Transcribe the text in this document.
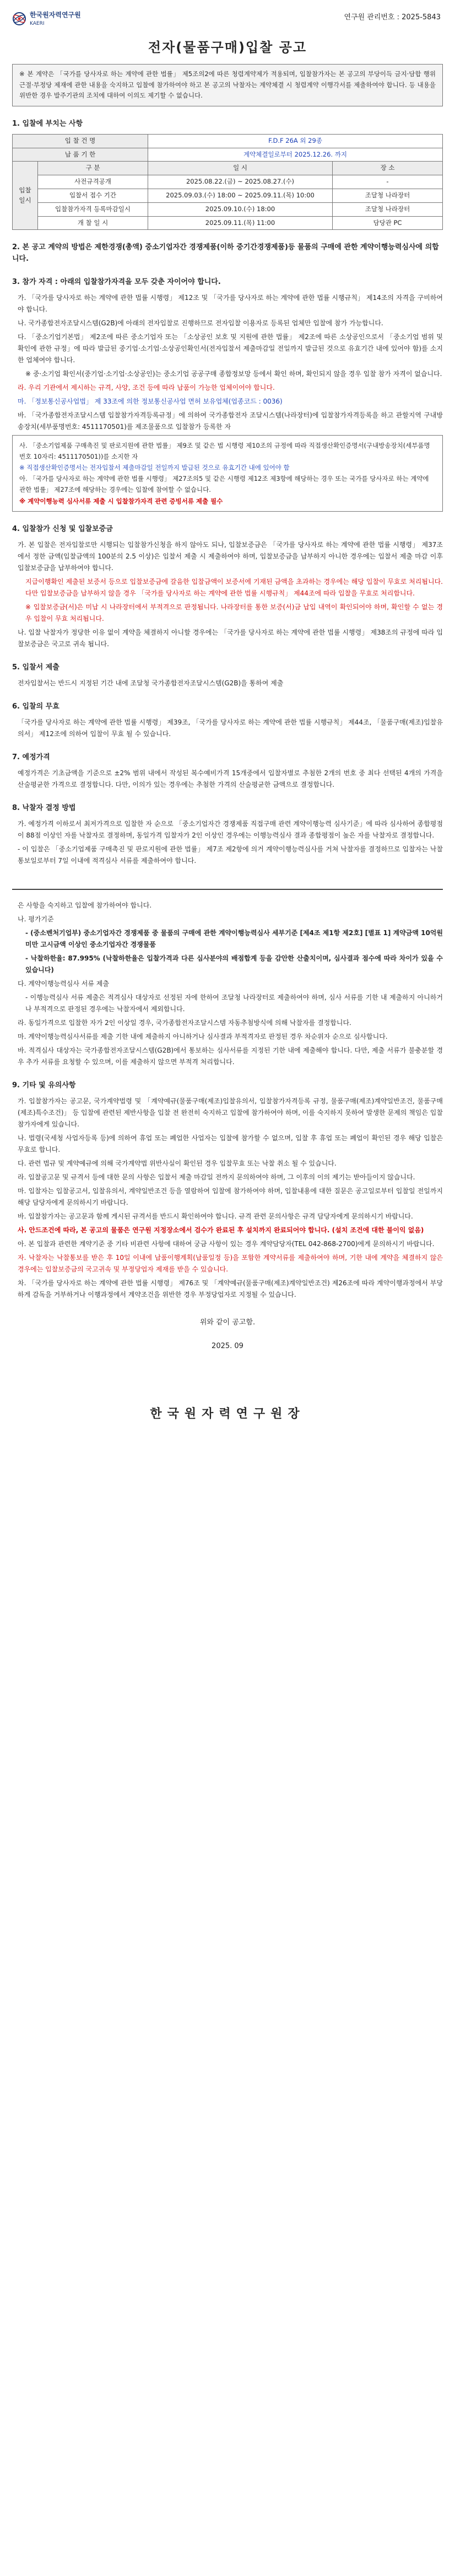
한국원자력연구원
KAERI
연구원 관리번호 : 2025-5843
전자(물품구매)입찰 공고
※ 본 계약은 「국가를 당사자로 하는 계약에 관한 법률」 제5조의2에 따른 청렴계약제가 적용되며, 입찰참가자는 본 공고의 부당이득 금지·담합 행위 근절·부정당 제재에 관한 내용을 숙지하고 입찰에 참가하여야 하고 본 공고의 낙찰자는 계약체결 시 청렴계약 이행각서를 제출하여야 합니다. 등 내용을 위반한 경우 발주기관의 조치에 대하여 이의도 제기할 수 없습니다.
1. 입찰에 부치는 사항
입 찰 건 명		F.D.F 26A 외 29종	
납 품 기 한		계약체결일로부터 2025.12.26. 까지	
입찰일시	구 분	일 시	장 소
	사전규격공개	2025.08.22.(금) ~ 2025.08.27.(수)	-
	입찰서 접수 기간	2025.09.03.(수) 18:00 ~ 2025.09.11.(목) 10:00	조달청 나라장터
	입찰참가자격 등록마감일시	2025.09.10.(수) 18:00	조달청 나라장터
	개 찰 일 시	2025.09.11.(목) 11:00	담당관 PC
2. 본 공고 계약의 방법은 제한경쟁(총액) 중소기업자간 경쟁제품(이하 중기간경쟁제품)등 물품의 구매에 관한 계약이행능력심사에 의합니다.
3. 참가 자격 : 아래의 입찰참가자격을 모두 갖춘 자이어야 합니다.
가. 「국가를 당사자로 하는 계약에 관한 법률 시행령」 제12조 및 「국가를 당사자로 하는 계약에 관한 법률 시행규칙」 제14조의 자격을 구비하여야 합니다.
나. 국가종합전자조달시스템(G2B)에 아래의 전자입찰로 진행하므로 전자입찰 이용자로 등록된 업체만 입찰에 참가 가능합니다.
다. 「중소기업기본법」 제2조에 따른 중소기업자 또는 「소상공인 보호 및 지원에 관한 법률」 제2조에 따른 소상공인으로서 「중소기업 범위 및 확인에 관한 규정」에 따라 발급된 중기업·소기업·소상공인확인서(전자입찰서 제출마감일 전일까지 발급된 것으로 유효기간 내에 있어야 함)를 소지한 업체여야 합니다.
※ 중·소기업 확인서(중기업·소기업·소상공인)는 중소기업 공공구매 종합정보망 등에서 확인 하며, 확인되지 않을 경우 입찰 참가 자격이 없습니다.
라. 우리 기관에서 제시하는 규격, 사양, 조건 등에 따라 납품이 가능한 업체이어야 합니다.
마. 「정보통신공사업법」 제 33조에 의한 정보통신공사업 면허 보유업체(업종코드 : 0036)
바. 「국가종합전자조달시스템 입찰참가자격등록규정」에 의하여 국가종합전자 조달시스템(나라장터)에 입찰참가자격등록을 하고 관할지역 구내방송장치(세부품명번호: 4511170501)를 제조물품으로 입찰참가 등록한 자
사. 「중소기업제품 구매촉진 및 판로지원에 관한 법률」 제9조 및 같은 법 시행령 제10조의 규정에 따라 직접생산확인증명서(구내방송장치(세부품명번호 10자리: 4511170501))를 소지한 자
※ 직접생산확인증명서는 전자입찰서 제출마감일 전일까지 발급된 것으로 유효기간 내에 있어야 함
아. 「국가를 당사자로 하는 계약에 관한 법률 시행령」 제27조의5 및 같은 시행령 제12조 제3항에 해당하는 경우 또는 국가를 당사자로 하는 계약에 관한 법률」 제27조에 해당하는 경우에는 입찰에 참여할 수 없습니다.
※ 계약이행능력 심사서류 제출 시 입찰참가자격 관련 증빙서류 제출 필수
4. 입찰참가 신청 및 입찰보증금
가. 본 입찰은 전자입찰로만 시행되는 입찰참가신청을 하지 않아도 되나, 입찰보증금은 「국가를 당사자로 하는 계약에 관한 법률 시행령」 제37조에서 정한 금액(입찰금액의 100분의 2.5 이상)은 입찰서 제출 시 제출하여야 하며, 입찰보증금을 납부하지 아니한 경우에는 입찰서 제출 마감 이후 입찰보증금을 납부하여야 합니다.
지급이행확인 제출된 보증서 등으로 입찰보증금에 갈음한 입찰금액이 보증서에 기재된 금액을 초과하는 경우에는 해당 입찰이 무효로 처리됩니다. 다만 입찰보증금을 납부하지 않을 경우 「국가를 당사자로 하는 계약에 관한 법률 시행규칙」 제44조에 따라 입찰을 무효로 처리합니다.
※ 입찰보증금(서)은 미납 시 나라장터에서 부적격으로 판정됩니다. 나라장터를 통한 보증(서)금 납입 내역이 확인되어야 하며, 확인할 수 없는 경우 입찰이 무효 처리됩니다.
나. 입찰 낙찰자가 정당한 이유 없이 계약을 체결하지 아니할 경우에는 「국가를 당사자로 하는 계약에 관한 법률 시행령」 제38조의 규정에 따라 입찰보증금은 국고로 귀속 됩니다.
5. 입찰서 제출
전자입찰서는 반드시 지정된 기간 내에 조달청 국가종합전자조달시스템(G2B)을 통하여 제출
6. 입찰의 무효
「국가를 당사자로 하는 계약에 관한 법률 시행령」 제39조, 「국가를 당사자로 하는 계약에 관한 법률 시행규칙」 제44조, 「물품구매(제조)입찰유의서」 제12조에 의하여 입찰이 무효 될 수 있습니다.
7. 예정가격
예정가격은 기초금액을 기준으로 ±2% 범위 내에서 작성된 복수예비가격 15개중에서 입찰자별로 추첨한 2개의 번호 중 최다 선택된 4개의 가격을 산술평균한 가격으로 결정합니다. 다만, 이의가 있는 경우에는 추첨한 가격의 산술평균한 금액으로 결정합니다.
8. 낙찰자 결정 방법
가. 예정가격 이하로서 최저가격으로 입찰한 자 순으로 「중소기업자간 경쟁제품 직접구매 관련 계약이행능력 심사기준」에 따라 심사하여 종합평점이 88점 이상인 자를 낙찰자로 결정하며, 동일가격 입찰자가 2인 이상인 경우에는 이행능력심사 결과 종합평점이 높은 자를 낙찰자로 결정합니다.
- 이 입찰은 「중소기업제품 구매촉진 및 판로지원에 관한 법률」 제7조 제2항에 의거 계약이행능력심사를 거쳐 낙찰자를 결정하므로 입찰자는 낙찰 통보일로부터 7일 이내에 적격심사 서류를 제출하여야 합니다.
은 사항을 숙지하고 입찰에 참가하여야 합니다.
나. 평가기준
- (중소벤처기업부) 중소기업자간 경쟁제품 중 물품의 구매에 관한 계약이행능력심사 세부기준 [제4조 제1항 제2호] [별표 1] 계약금액 10억원 미만 고시금액 이상인 중소기업자간 경쟁물품
- 낙찰하한율: 87.995% (낙찰하한율은 입찰가격과 다른 심사분야의 배점합계 등을 감안한 산출치이며, 심사결과 점수에 따라 차이가 있을 수 있습니다)
다. 계약이행능력심사 서류 제출
- 이행능력심사 서류 제출은 적격심사 대상자로 선정된 자에 한하여 조달청 나라장터로 제출하여야 하며, 심사 서류를 기한 내 제출하지 아니하거나 부적격으로 판정된 경우에는 낙찰자에서 제외합니다.
라. 동일가격으로 입찰한 자가 2인 이상일 경우, 국가종합전자조달시스템 자동추첨방식에 의해 낙찰자를 결정합니다.
마. 계약이행능력심사서류를 제출 기한 내에 제출하지 아니하거나 심사결과 부적격자로 판정된 경우 차순위자 순으로 심사합니다.
바. 적격심사 대상자는 국가종합전자조달시스템(G2B)에서 통보하는 심사서류를 지정된 기한 내에 제출해야 합니다. 다만, 제출 서류가 불충분할 경우 추가 서류를 요청할 수 있으며, 이를 제출하지 않으면 부적격 처리합니다.
9. 기타 및 유의사항
가. 입찰참가자는 공고문, 국가계약법령 및 「계약예규(물품구매(제조)입찰유의서, 입찰참가자격등록 규정, 물품구매(제조)계약일반조건, 물품구매(제조)특수조건)」 등 입찰에 관련된 제반사항을 입찰 전 완전히 숙지하고 입찰에 참가하여야 하며, 이를 숙지하지 못하여 발생한 문제의 책임은 입찰참가자에게 있습니다.
나. 법령(국세청 사업자등록 등)에 의하여 휴업 또는 폐업한 사업자는 입찰에 참가할 수 없으며, 입찰 후 휴업 또는 폐업이 확인된 경우 해당 입찰은 무효로 합니다.
다. 관련 법규 및 계약예규에 의해 국가계약법 위반사실이 확인된 경우 입찰무효 또는 낙찰 취소 될 수 있습니다.
라. 입찰공고문 및 규격서 등에 대한 문의 사항은 입찰서 제출 마감일 전까지 문의하여야 하며, 그 이후의 이의 제기는 받아들이지 않습니다.
마. 입찰자는 입찰공고서, 입찰유의서, 계약일반조건 등을 열람하여 입찰에 참가하여야 하며, 입찰내용에 대한 질문은 공고일로부터 입찰일 전일까지 해당 담당자에게 문의하시기 바랍니다.
바. 입찰참가자는 공고문과 함께 게시된 규격서를 반드시 확인하여야 합니다. 규격 관련 문의사항은 규격 담당자에게 문의하시기 바랍니다.
사. 안드조건에 따라, 본 공고의 물품은 연구원 지정장소에서 검수가 완료된 후 설치까지 완료되어야 합니다. (설치 조건에 대한 불이익 없음)
아. 본 입찰과 관련한 계약기준 중 기타 비관련 사항에 대하여 궁금 사항이 있는 경우 계약담당자(TEL 042-868-2700)에게 문의하시기 바랍니다.
자. 낙찰자는 낙찰통보를 받은 후 10일 이내에 납품이행계획(납품일정 등)을 포함한 계약서류를 제출하여야 하며, 기한 내에 계약을 체결하지 않은 경우에는 입찰보증금의 국고귀속 및 부정당업자 제재를 받을 수 있습니다.
차. 「국가를 당사자로 하는 계약에 관한 법률 시행령」 제76조 및 「계약예규(물품구매(제조)계약일반조건) 제26조에 따라 계약이행과정에서 부당하게 감독을 거부하거나 이행과정에서 계약조건을 위반한 경우 부정당업자로 지정될 수 있습니다.
위와 같이 공고함.
2025. 09
한국원자력연구원장
